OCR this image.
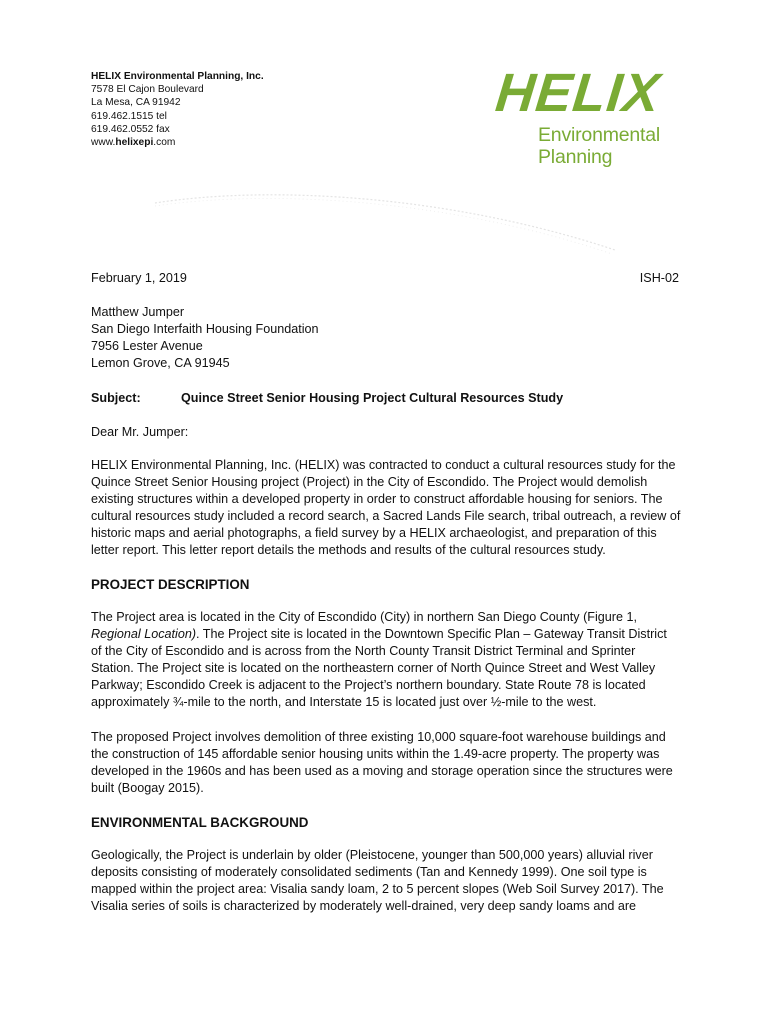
HELIX Environmental Planning, Inc.
7578 El Cajon Boulevard
La Mesa, CA 91942
619.462.1515 tel
619.462.0552 fax
www.helixepi.com
HELIX
Environmental Planning
February 1, 2019	ISH-02
Matthew Jumper
San Diego Interfaith Housing Foundation
7956 Lester Avenue
Lemon Grove, CA 91945
Subject:	Quince Street Senior Housing Project Cultural Resources Study
Dear Mr. Jumper:
HELIX Environmental Planning, Inc. (HELIX) was contracted to conduct a cultural resources study for the
Quince Street Senior Housing project (Project) in the City of Escondido. The Project would demolish
existing structures within a developed property in order to construct affordable housing for seniors. The
cultural resources study included a record search, a Sacred Lands File search, tribal outreach, a review of
historic maps and aerial photographs, a field survey by a HELIX archaeologist, and preparation of this
letter report. This letter report details the methods and results of the cultural resources study.
PROJECT DESCRIPTION
The Project area is located in the City of Escondido (City) in northern San Diego County (Figure 1,
Regional Location). The Project site is located in the Downtown Specific Plan – Gateway Transit District
of the City of Escondido and is across from the North County Transit District Terminal and Sprinter
Station. The Project site is located on the northeastern corner of North Quince Street and West Valley
Parkway; Escondido Creek is adjacent to the Project’s northern boundary. State Route 78 is located
approximately ¾-mile to the north, and Interstate 15 is located just over ½-mile to the west.
The proposed Project involves demolition of three existing 10,000 square-foot warehouse buildings and
the construction of 145 affordable senior housing units within the 1.49-acre property. The property was
developed in the 1960s and has been used as a moving and storage operation since the structures were
built (Boogay 2015).
ENVIRONMENTAL BACKGROUND
Geologically, the Project is underlain by older (Pleistocene, younger than 500,000 years) alluvial river
deposits consisting of moderately consolidated sediments (Tan and Kennedy 1999). One soil type is
mapped within the project area: Visalia sandy loam, 2 to 5 percent slopes (Web Soil Survey 2017). The
Visalia series of soils is characterized by moderately well-drained, very deep sandy loams and are
